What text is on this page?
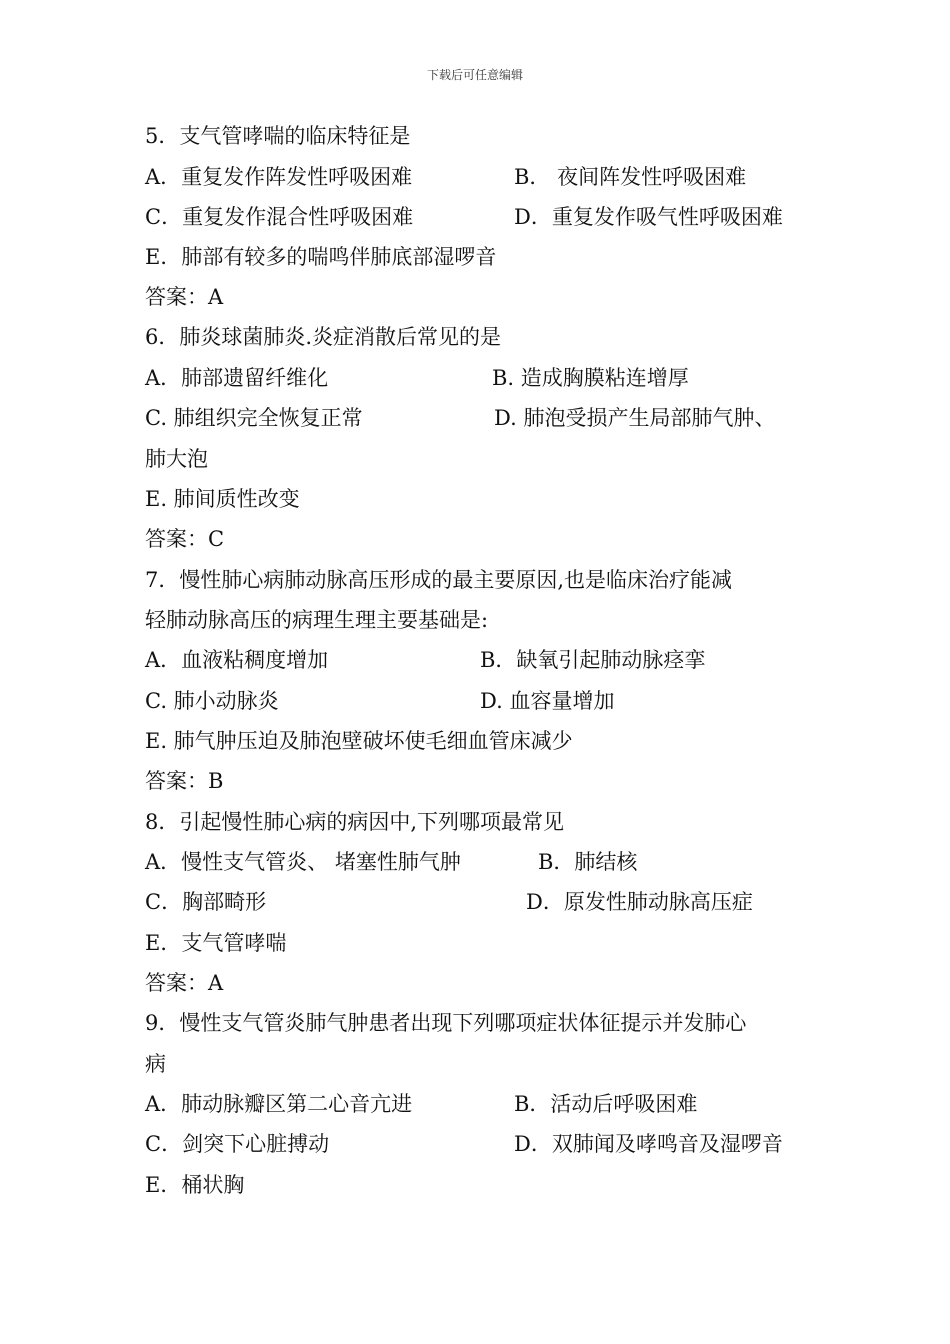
下载后可任意编辑
5．支气管哮喘的临床特征是
A．重复发作阵发性呼吸困难	B． 夜间阵发性呼吸困难
C．重复发作混合性呼吸困难	D．重复发作吸气性呼吸困难
E．肺部有较多的喘鸣伴肺底部湿啰音
答案：A
6．肺炎球菌肺炎.炎症消散后常见的是
A．肺部遗留纤维化	B. 造成胸膜粘连增厚
C. 肺组织完全恢复正常	D. 肺泡受损产生局部肺气肿、
肺大泡
E. 肺间质性改变
答案：C
7．慢性肺心病肺动脉高压形成的最主要原因,也是临床治疗能减
轻肺动脉高压的病理生理主要基础是:
A．血液粘稠度增加	B．缺氧引起肺动脉痉挛
C. 肺小动脉炎	D. 血容量增加
E. 肺气肿压迫及肺泡壁破坏使毛细血管床减少
答案：B
8．引起慢性肺心病的病因中,下列哪项最常见
A．慢性支气管炎、 堵塞性肺气肿	B．肺结核
C．胸部畸形	D．原发性肺动脉高压症
E．支气管哮喘
答案：A
9．慢性支气管炎肺气肿患者出现下列哪项症状体征提示并发肺心
病
A．肺动脉瓣区第二心音亢进	B．活动后呼吸困难
C．剑突下心脏搏动	D．双肺闻及哮鸣音及湿啰音
E．桶状胸
